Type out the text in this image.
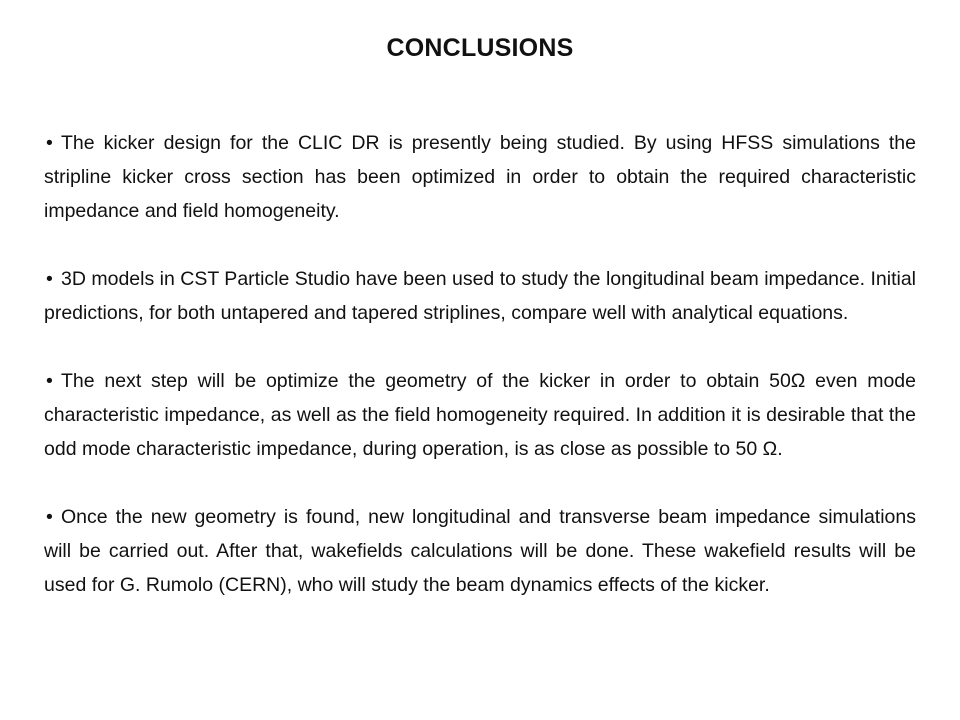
CONCLUSIONS
• The kicker design for the CLIC DR is presently being studied. By using HFSS simulations the stripline kicker cross section has been optimized in order to obtain the required characteristic impedance and field homogeneity.
• 3D models in CST Particle Studio have been used to study the longitudinal beam impedance. Initial predictions, for both untapered and tapered striplines, compare well with analytical equations.
• The next step will be optimize the geometry of the kicker in order to obtain 50Ω even mode characteristic impedance, as well as the field homogeneity required. In addition it is desirable that the odd mode characteristic impedance, during operation, is as close as possible to 50 Ω.
• Once the new geometry is found, new longitudinal and transverse beam impedance simulations will be carried out. After that, wakefields calculations will be done. These wakefield results will be used for G. Rumolo (CERN), who will study the beam dynamics effects of the kicker.
